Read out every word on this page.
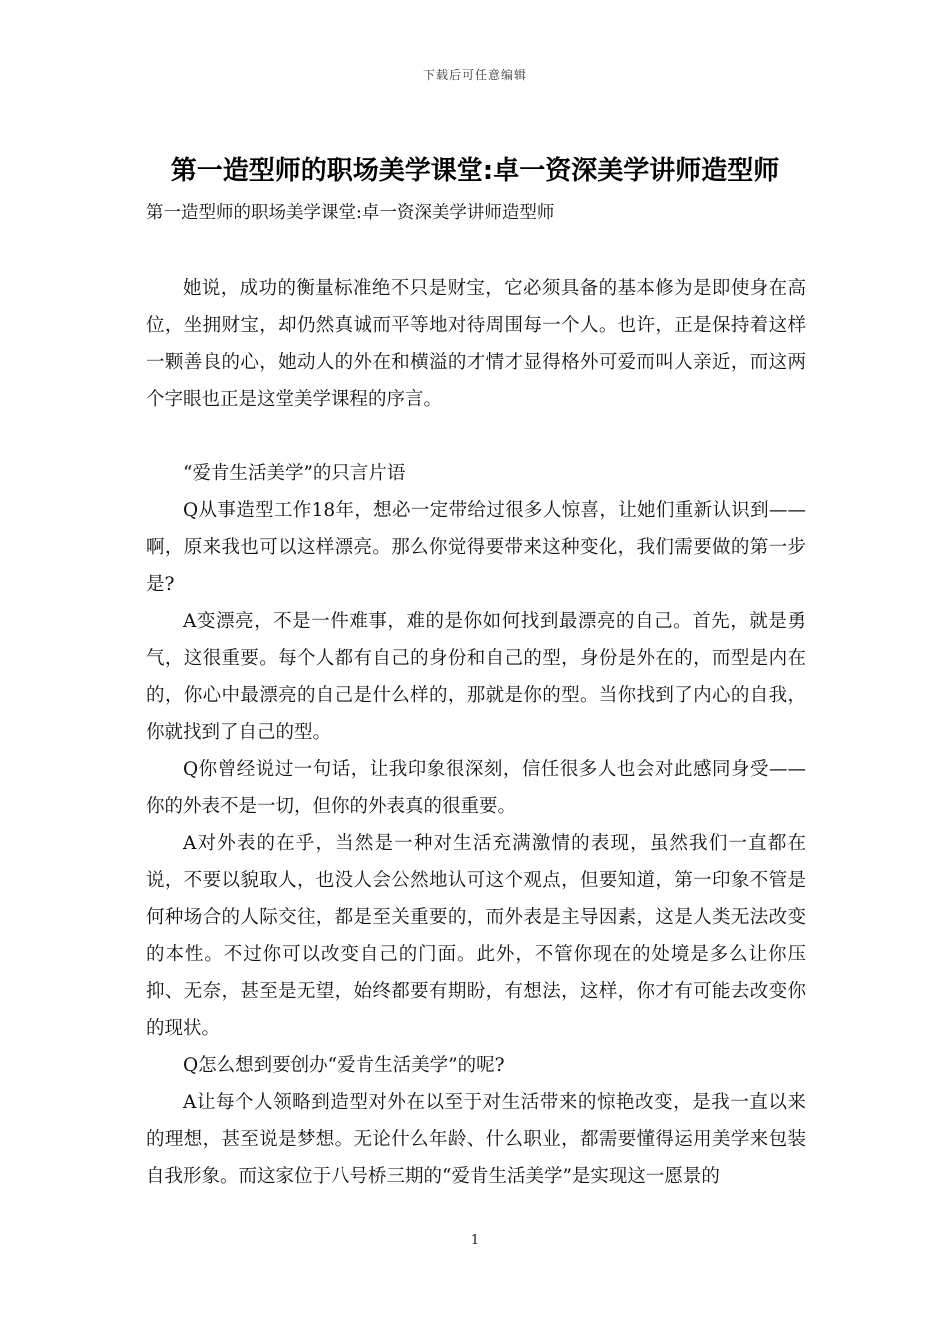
下载后可任意编辑
第一造型师的职场美学课堂:卓一资深美学讲师造型师
第一造型师的职场美学课堂:卓一资深美学讲师造型师

她说，成功的衡量标准绝不只是财宝，它必须具备的基本修为是即使身在高位，坐拥财宝，却仍然真诚而平等地对待周围每一个人。也许，正是保持着这样一颗善良的心，她动人的外在和横溢的才情才显得格外可爱而叫人亲近，而这两个字眼也正是这堂美学课程的序言。

“爱肯生活美学”的只言片语

Q从事造型工作18年，想必一定带给过很多人惊喜，让她们重新认识到——啊，原来我也可以这样漂亮。那么你觉得要带来这种变化，我们需要做的第一步是?

A变漂亮，不是一件难事，难的是你如何找到最漂亮的自己。首先，就是勇气，这很重要。每个人都有自己的身份和自己的型，身份是外在的，而型是内在的，你心中最漂亮的自己是什么样的，那就是你的型。当你找到了内心的自我，你就找到了自己的型。

Q你曾经说过一句话，让我印象很深刻，信任很多人也会对此感同身受——你的外表不是一切，但你的外表真的很重要。

A对外表的在乎，当然是一种对生活充满激情的表现，虽然我们一直都在说，不要以貌取人，也没人会公然地认可这个观点，但要知道，第一印象不管是何种场合的人际交往，都是至关重要的，而外表是主导因素，这是人类无法改变的本性。不过你可以改变自己的门面。此外，不管你现在的处境是多么让你压抑、无奈，甚至是无望，始终都要有期盼，有想法，这样，你才有可能去改变你的现状。

Q怎么想到要创办“爱肯生活美学”的呢?

A让每个人领略到造型对外在以至于对生活带来的惊艳改变，是我一直以来的理想，甚至说是梦想。无论什么年龄、什么职业，都需要懂得运用美学来包装自我形象。而这家位于八号桥三期的“爱肯生活美学”是实现这一愿景的

1
